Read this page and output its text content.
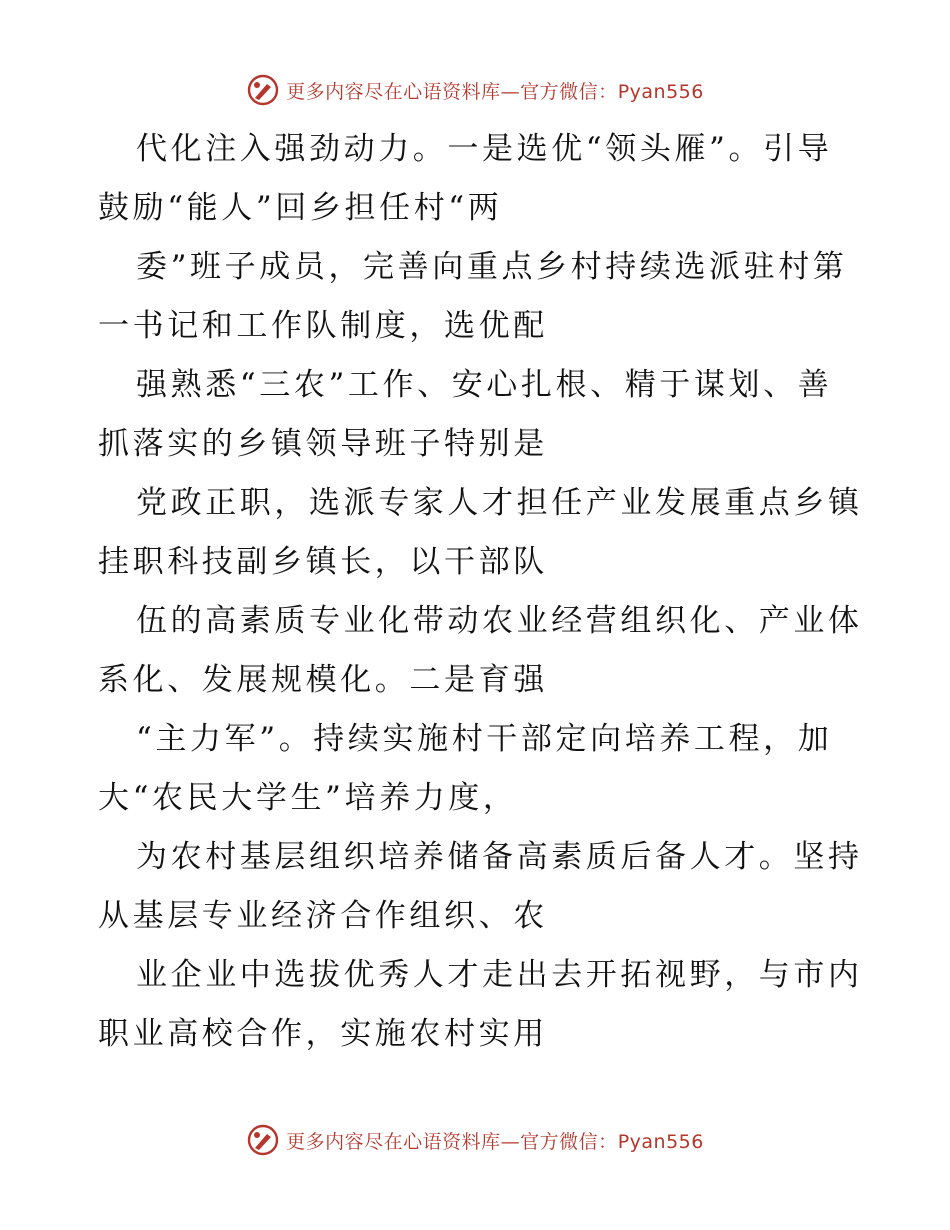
更多内容尽在心语资料库—官方微信：Pyan556
代化注入强劲动力。一是选优“领头雁”。引导
鼓励“能人”回乡担任村“两
委”班子成员，完善向重点乡村持续选派驻村第
一书记和工作队制度，选优配
强熟悉“三农”工作、安心扎根、精于谋划、善
抓落实的乡镇领导班子特别是
党政正职，选派专家人才担任产业发展重点乡镇
挂职科技副乡镇长，以干部队
伍的高素质专业化带动农业经营组织化、产业体
系化、发展规模化。二是育强
“主力军”。持续实施村干部定向培养工程，加
大“农民大学生”培养力度，
为农村基层组织培养储备高素质后备人才。坚持
从基层专业经济合作组织、农
业企业中选拔优秀人才走出去开拓视野，与市内
职业高校合作，实施农村实用
更多内容尽在心语资料库—官方微信：Pyan556
